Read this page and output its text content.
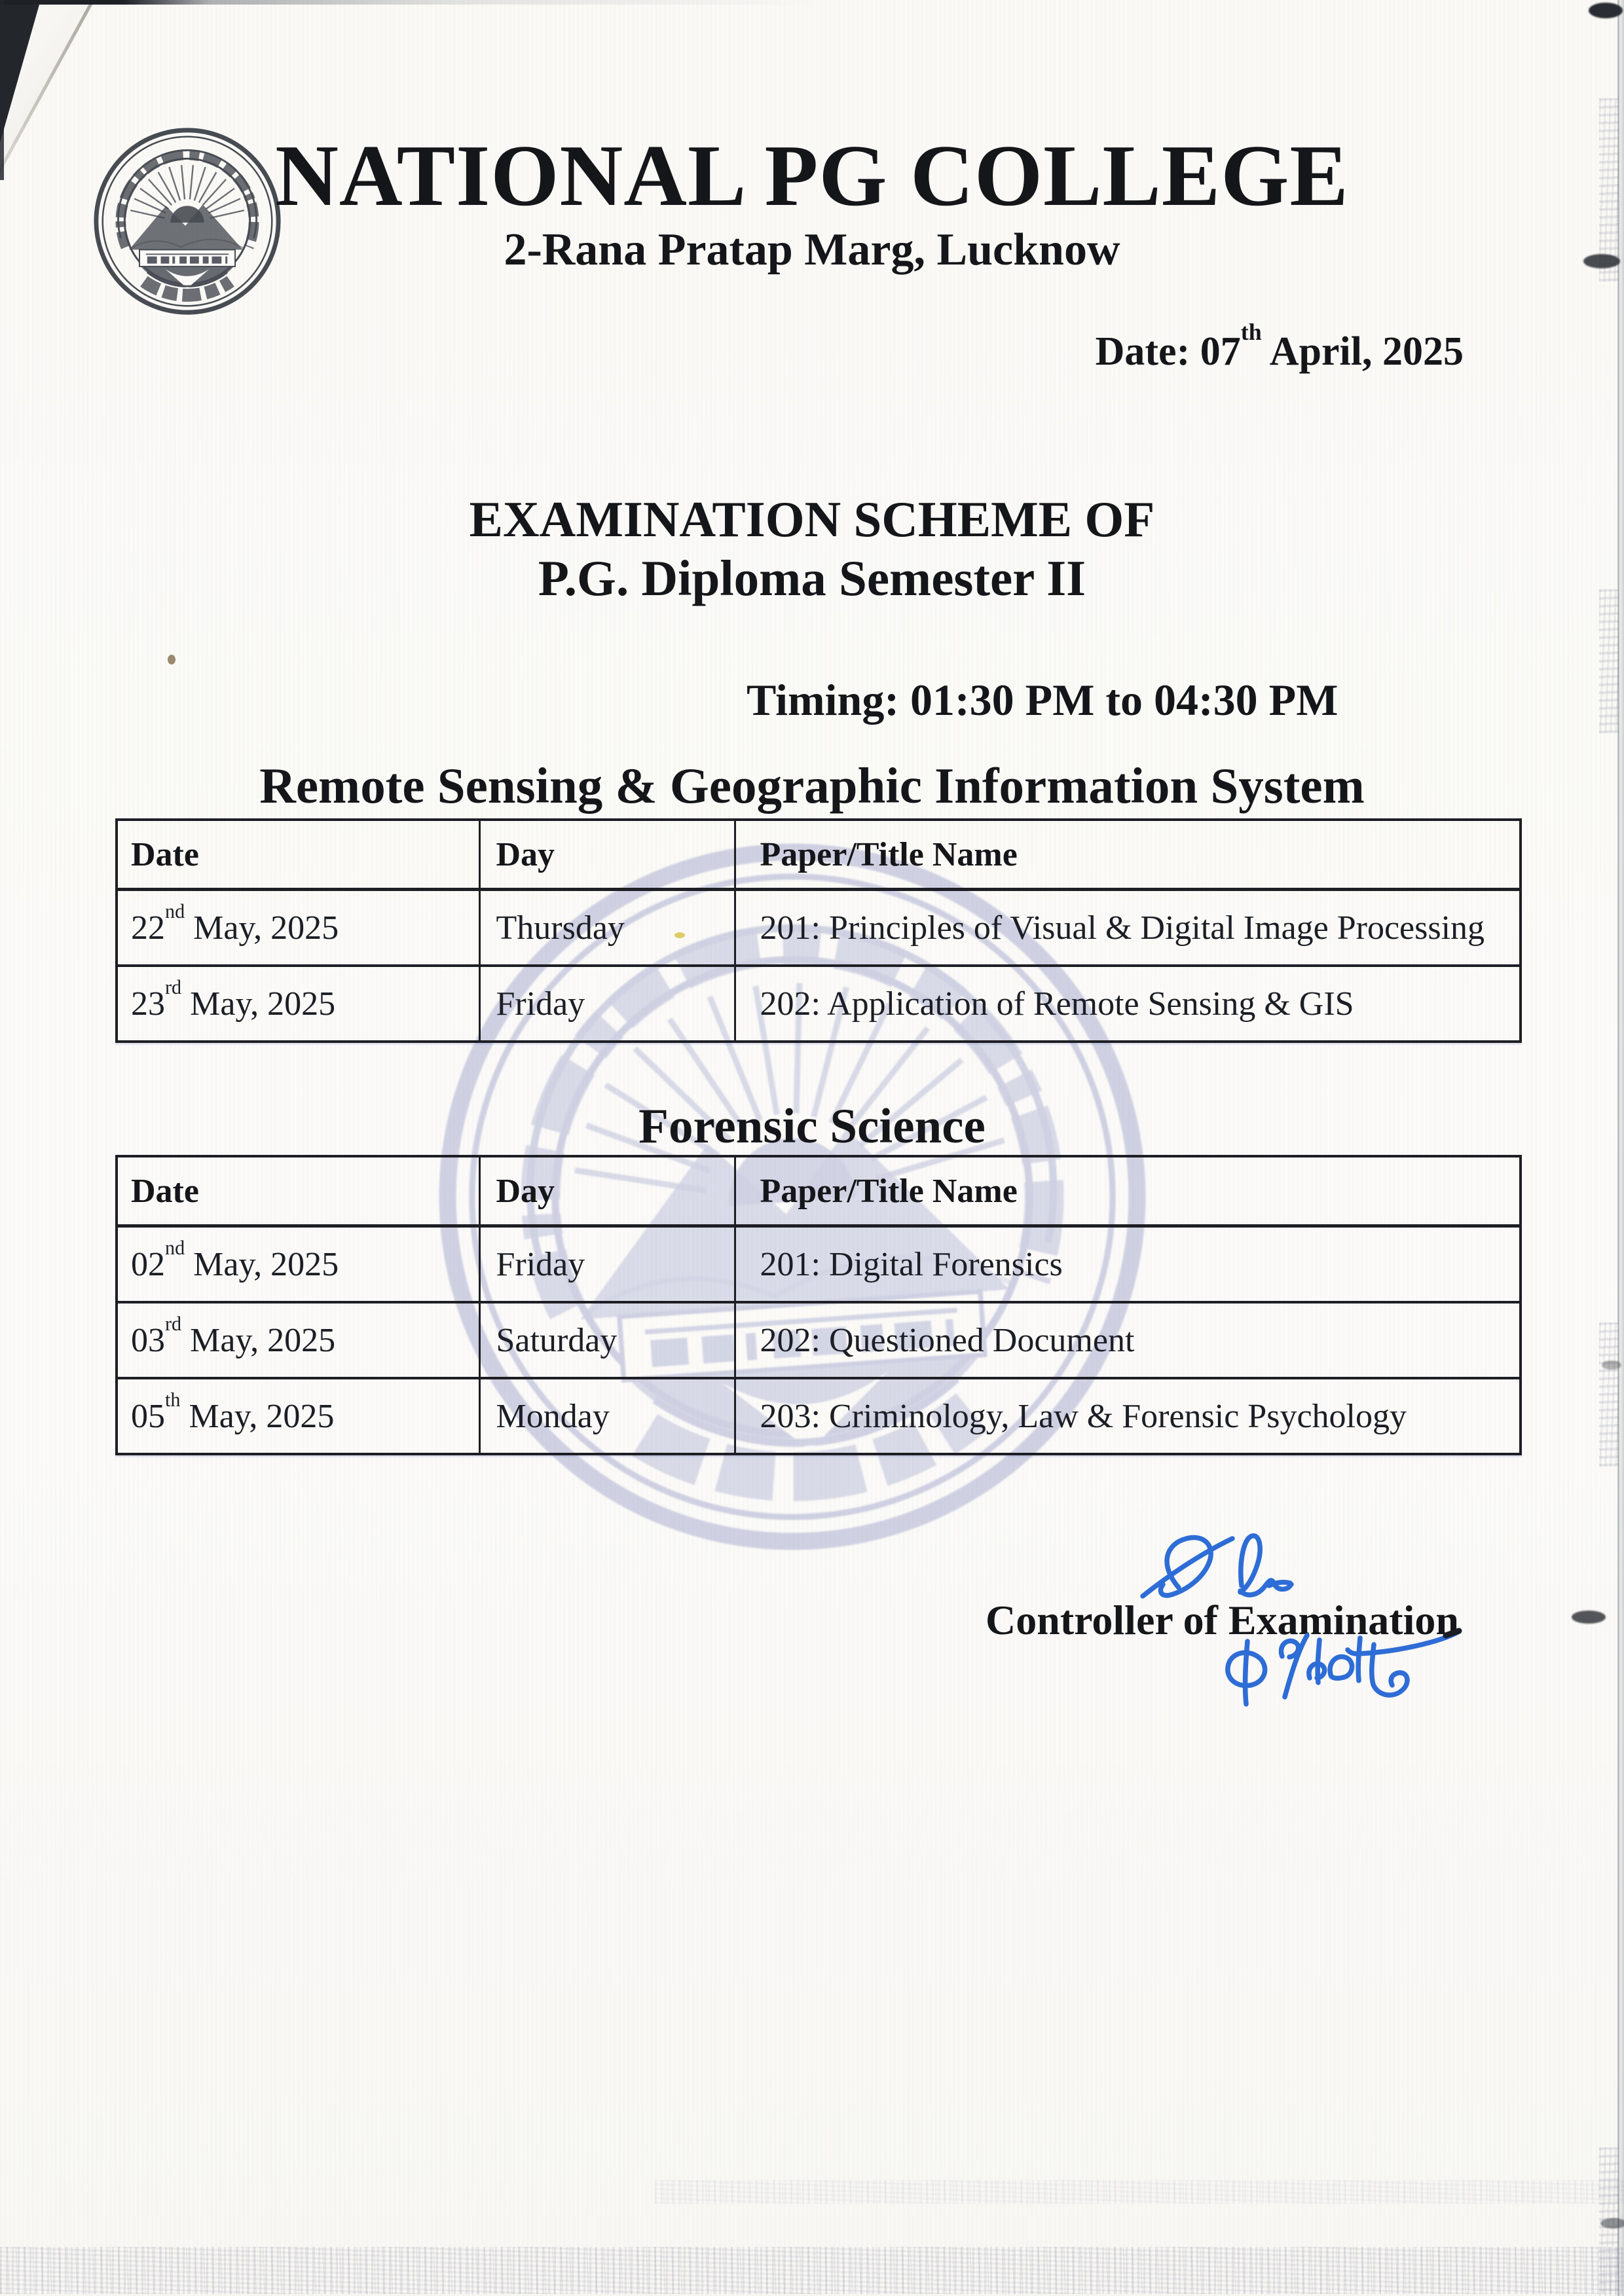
NATIONAL PG COLLEGE
2-Rana Pratap Marg, Lucknow
Date: 07th April, 2025
EXAMINATION SCHEME OF
P.G. Diploma Semester II
Timing: 01:30 PM to 04:30 PM
Remote Sensing & Geographic Information System
Date	Day	Paper/Title Name
22nd May, 2025	Thursday	201: Principles of Visual & Digital Image Processing
23rd May, 2025	Friday	202: Application of Remote Sensing & GIS
Forensic Science
Date	Day	Paper/Title Name
02nd May, 2025	Friday	201: Digital Forensics
03rd May, 2025	Saturday	202: Questioned Document
05th May, 2025	Monday	203: Criminology, Law & Forensic Psychology
Controller of Examination
